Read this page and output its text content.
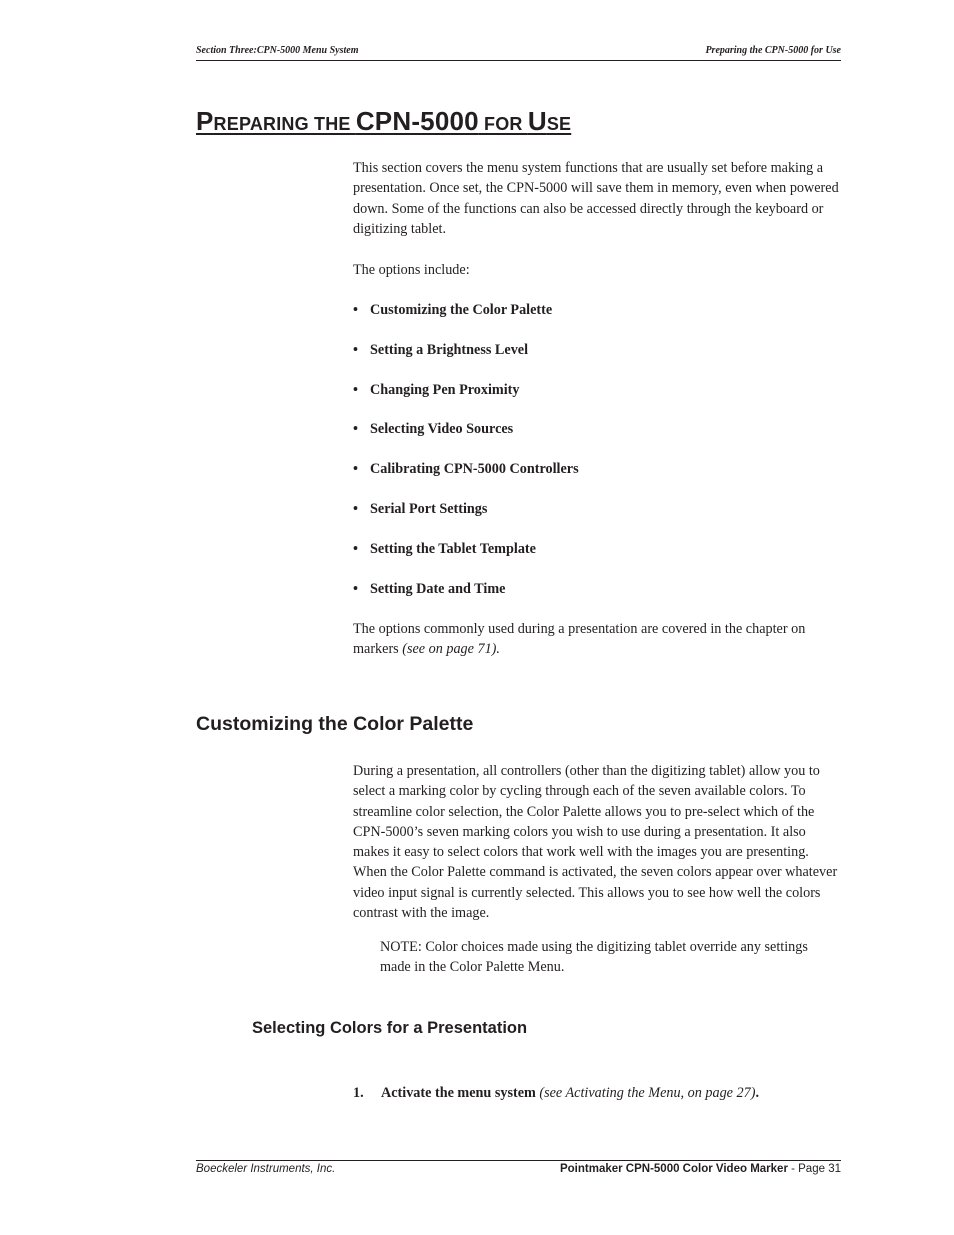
Section Three:CPN-5000 Menu System	Preparing the CPN-5000 for Use
PREPARING THE CPN-5000 FOR USE

This section covers the menu system functions that are usually set before making a presentation. Once set, the CPN-5000 will save them in memory, even when powered down. Some of the functions can also be accessed directly through the keyboard or digitizing tablet.

The options include:

• Customizing the Color Palette
• Setting a Brightness Level
• Changing Pen Proximity
• Selecting Video Sources
• Calibrating CPN-5000 Controllers
• Serial Port Settings
• Setting the Tablet Template
• Setting Date and Time

The options commonly used during a presentation are covered in the chapter on markers (see on page 71).

Customizing the Color Palette

During a presentation, all controllers (other than the digitizing tablet) allow you to select a marking color by cycling through each of the seven available colors. To streamline color selection, the Color Palette allows you to pre-select which of the CPN-5000’s seven marking colors you wish to use during a presentation. It also makes it easy to select colors that work well with the images you are presenting. When the Color Palette command is activated, the seven colors appear over whatever video input signal is currently selected. This allows you to see how well the colors contrast with the image.

NOTE: Color choices made using the digitizing tablet override any settings made in the Color Palette Menu.

Selecting Colors for a Presentation
1. Activate the menu system (see Activating the Menu, on page 27).
Boeckeler Instruments, Inc.	Pointmaker CPN-5000 Color Video Marker - Page 31
